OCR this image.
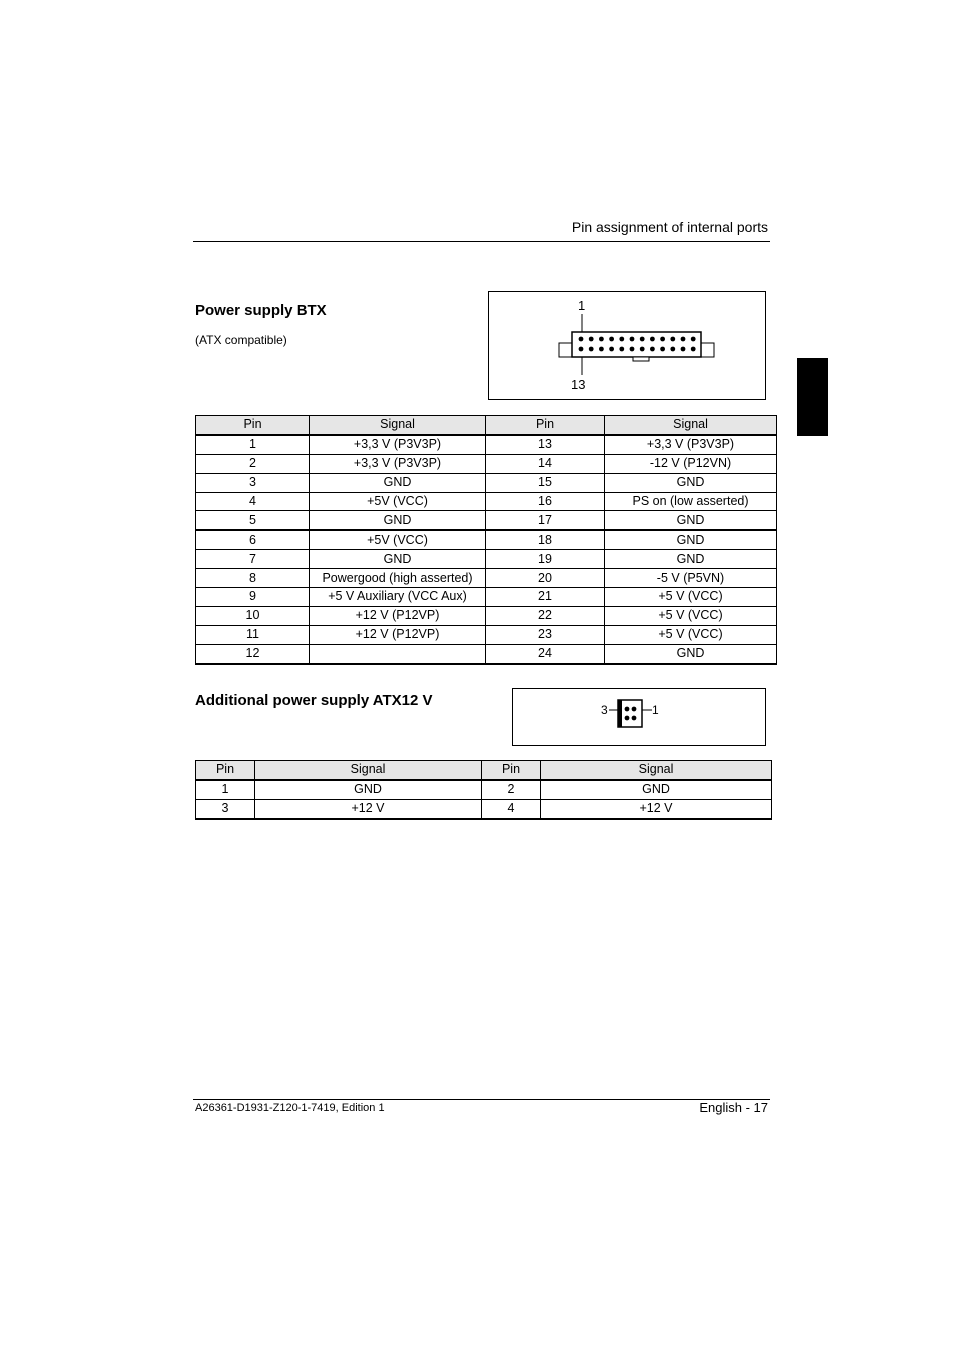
Pin assignment of internal ports
Power supply BTX
(ATX compatible)
1
13
Pin	Signal	Pin	Signal
1	+3,3 V (P3V3P)	13	+3,3 V (P3V3P)
2	+3,3 V (P3V3P)	14	-12 V (P12VN)
3	GND	15	GND
4	+5V (VCC)	16	PS on (low asserted)
5	GND	17	GND
6	+5V (VCC)	18	GND
7	GND	19	GND
8	Powergood (high asserted)	20	-5 V (P5VN)
9	+5 V Auxiliary (VCC Aux)	21	+5 V (VCC)
10	+12 V (P12VP)	22	+5 V (VCC)
11	+12 V (P12VP)	23	+5 V (VCC)
12		24	GND
Additional power supply ATX12 V
3	1
Pin	Signal	Pin	Signal
1	GND	2	GND
3	+12 V	4	+12 V
A26361-D1931-Z120-1-7419, Edition 1	English - 17
